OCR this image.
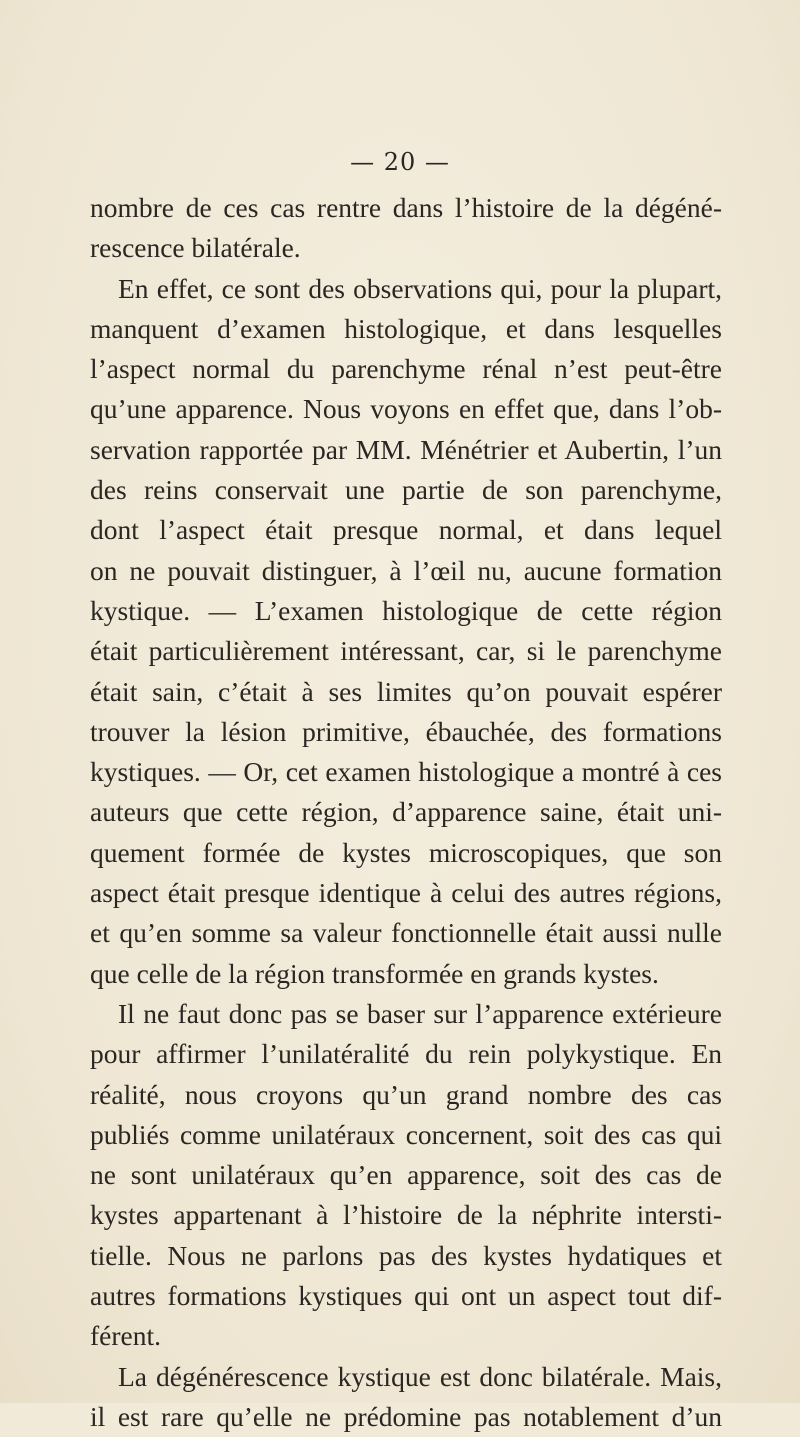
— 20 —
nombre de ces cas rentre dans l’histoire de la dégéné-
rescence bilatérale.
En effet, ce sont des observations qui, pour la plupart,
manquent d’examen histologique, et dans lesquelles
l’aspect normal du parenchyme rénal n’est peut-être
qu’une apparence. Nous voyons en effet que, dans l’ob-
servation rapportée par MM. Ménétrier et Aubertin, l’un
des reins conservait une partie de son parenchyme,
dont l’aspect était presque normal, et dans lequel
on ne pouvait distinguer, à l’œil nu, aucune formation
kystique. — L’examen histologique de cette région
était particulièrement intéressant, car, si le parenchyme
était sain, c’était à ses limites qu’on pouvait espérer
trouver la lésion primitive, ébauchée, des formations
kystiques. — Or, cet examen histologique a montré à ces
auteurs que cette région, d’apparence saine, était uni-
quement formée de kystes microscopiques, que son
aspect était presque identique à celui des autres régions,
et qu’en somme sa valeur fonctionnelle était aussi nulle
que celle de la région transformée en grands kystes.
Il ne faut donc pas se baser sur l’apparence extérieure
pour affirmer l’unilatéralité du rein polykystique. En
réalité, nous croyons qu’un grand nombre des cas
publiés comme unilatéraux concernent, soit des cas qui
ne sont unilatéraux qu’en apparence, soit des cas de
kystes appartenant à l’histoire de la néphrite intersti-
tielle. Nous ne parlons pas des kystes hydatiques et
autres formations kystiques qui ont un aspect tout dif-
férent.
La dégénérescence kystique est donc bilatérale. Mais,
il est rare qu’elle ne prédomine pas notablement d’un
